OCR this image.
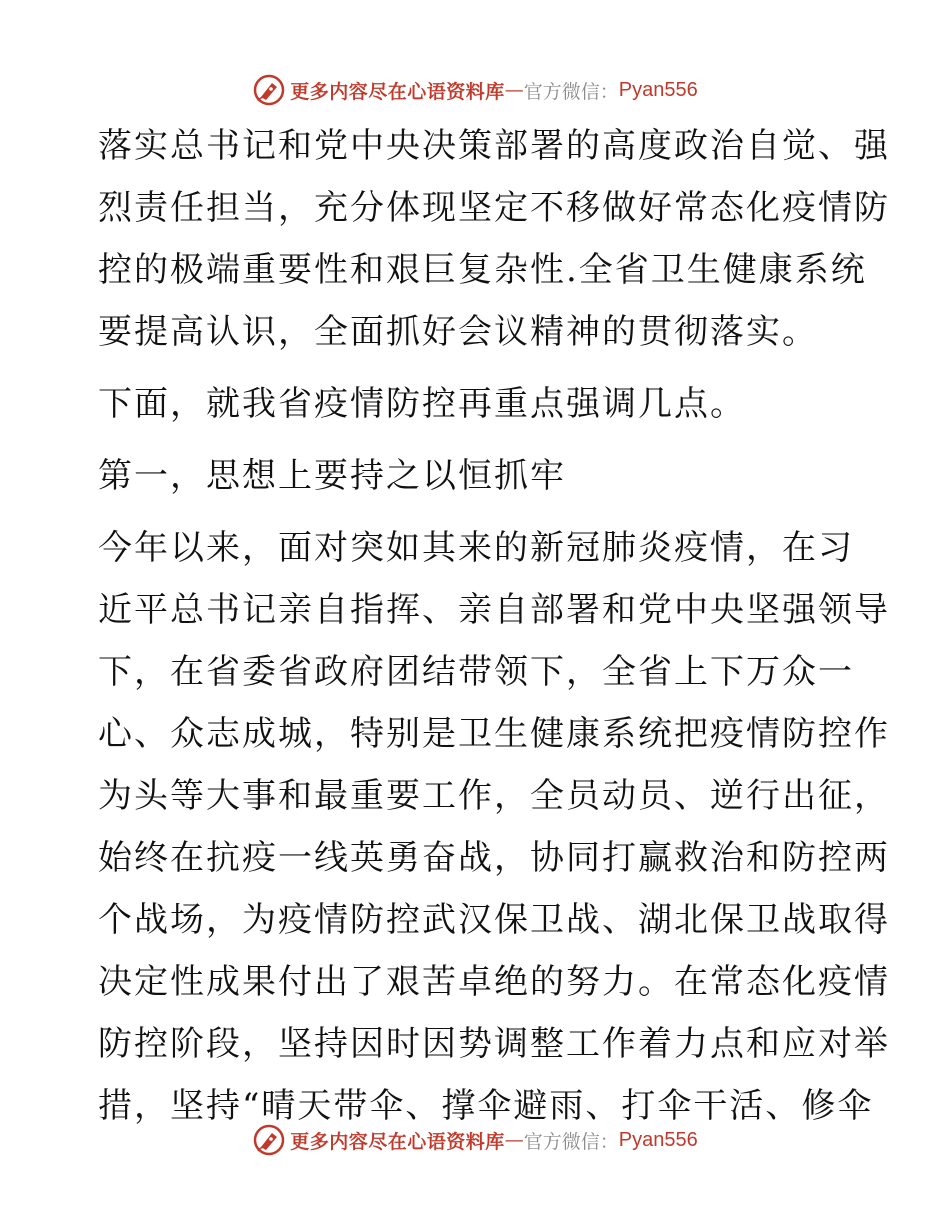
更多内容尽在心语资料库 — 官方微信： Pyan556
落实总书记和党中央决策部署的高度政治自觉、强
烈责任担当，充分体现坚定不移做好常态化疫情防
控的极端重要性和艰巨复杂性.全省卫生健康系统
要提高认识，全面抓好会议精神的贯彻落实。
下面，就我省疫情防控再重点强调几点。
第一，思想上要持之以恒抓牢
今年以来，面对突如其来的新冠肺炎疫情，在习
近平总书记亲自指挥、亲自部署和党中央坚强领导
下，在省委省政府团结带领下，全省上下万众一
心、众志成城，特别是卫生健康系统把疫情防控作
为头等大事和最重要工作，全员动员、逆行出征，
始终在抗疫一线英勇奋战，协同打赢救治和防控两
个战场，为疫情防控武汉保卫战、湖北保卫战取得
决定性成果付出了艰苦卓绝的努力。在常态化疫情
防控阶段，坚持因时因势调整工作着力点和应对举
措，坚持“晴天带伞、撑伞避雨、打伞干活、修伞
更多内容尽在心语资料库 — 官方微信： Pyan556
